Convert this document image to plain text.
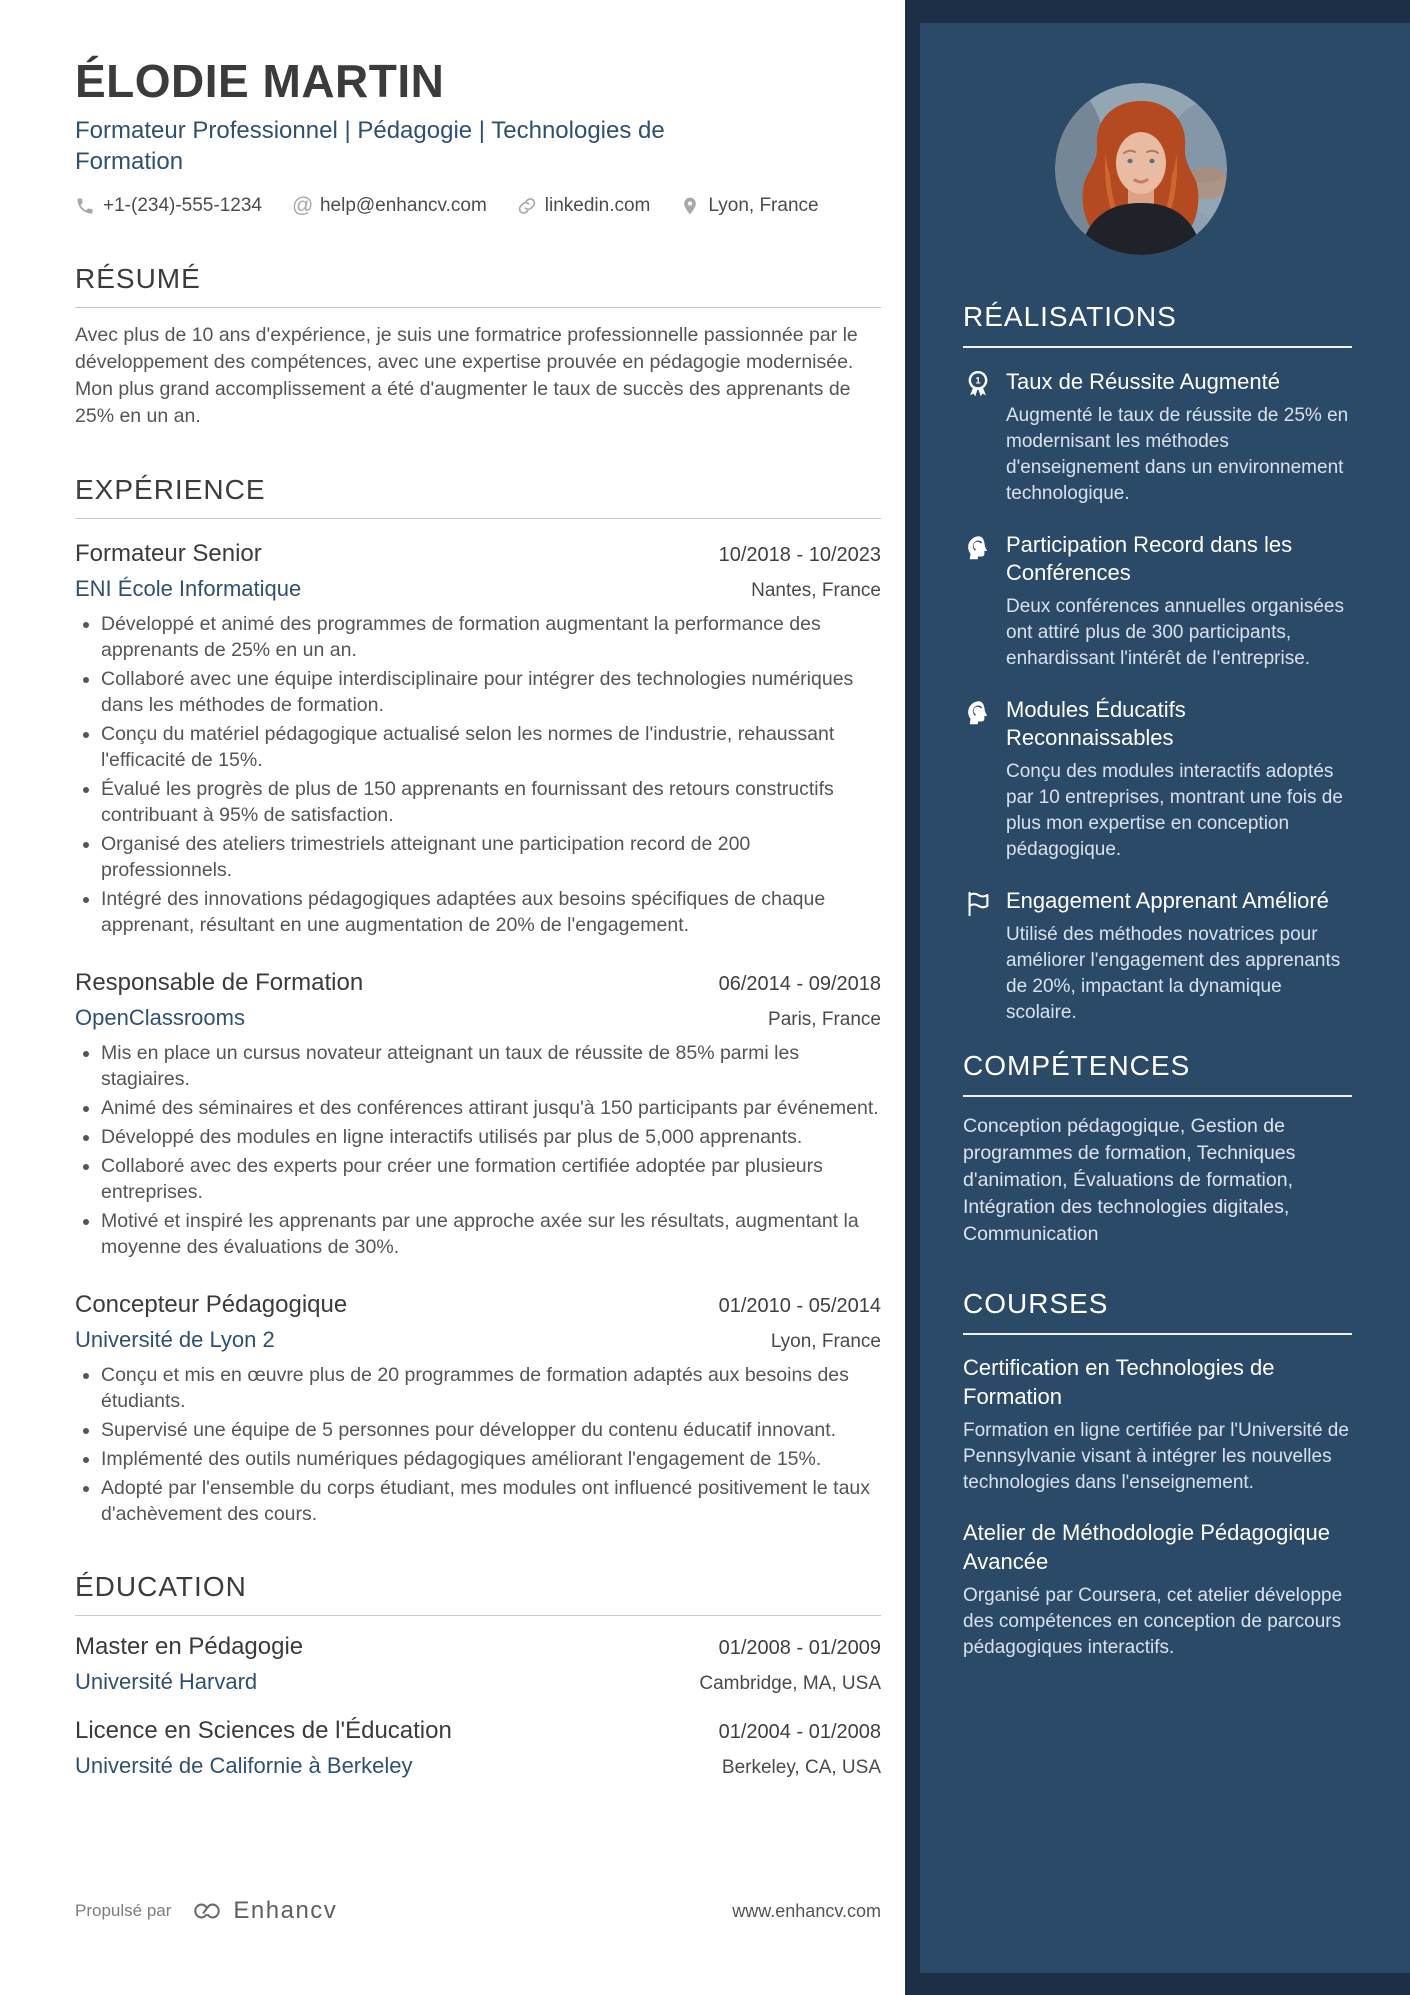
ÉLODIE MARTIN
Formateur Professionnel | Pédagogie | Technologies de Formation
+1-(234)-555-1234 @ help@enhancv.com	linkedin.com	Lyon, France
RÉSUMÉ

Avec plus de 10 ans d'expérience, je suis une formatrice professionnelle passionnée par le développement des compétences, avec une expertise prouvée en pédagogie modernisée. Mon plus grand accomplissement a été d'augmenter le taux de succès des apprenants de 25% en un an.

EXPÉRIENCE
Formateur Senior	10/2018 - 10/2023
ENI École Informatique	Nantes, France
• Développé et animé des programmes de formation augmentant la performance des apprenants de 25% en un an.
• Collaboré avec une équipe interdisciplinaire pour intégrer des technologies numériques dans les méthodes de formation.
• Conçu du matériel pédagogique actualisé selon les normes de l'industrie, rehaussant l'efficacité de 15%.
• Évalué les progrès de plus de 150 apprenants en fournissant des retours constructifs contribuant à 95% de satisfaction.
• Organisé des ateliers trimestriels atteignant une participation record de 200 professionnels.
• Intégré des innovations pédagogiques adaptées aux besoins spécifiques de chaque apprenant, résultant en une augmentation de 20% de l'engagement.
Responsable de Formation	06/2014 - 09/2018
OpenClassrooms	Paris, France
• Mis en place un cursus novateur atteignant un taux de réussite de 85% parmi les stagiaires.
• Animé des séminaires et des conférences attirant jusqu'à 150 participants par événement.
• Développé des modules en ligne interactifs utilisés par plus de 5,000 apprenants.
• Collaboré avec des experts pour créer une formation certifiée adoptée par plusieurs entreprises.
• Motivé et inspiré les apprenants par une approche axée sur les résultats, augmentant la moyenne des évaluations de 30%.
Concepteur Pédagogique	01/2010 - 05/2014
Université de Lyon 2	Lyon, France
• Conçu et mis en œuvre plus de 20 programmes de formation adaptés aux besoins des étudiants.
• Supervisé une équipe de 5 personnes pour développer du contenu éducatif innovant.
• Implémenté des outils numériques pédagogiques améliorant l'engagement de 15%.
• Adopté par l'ensemble du corps étudiant, mes modules ont influencé positivement le taux d'achèvement des cours.
ÉDUCATION
Master en Pédagogie	01/2008 - 01/2009
Université Harvard	Cambridge, MA, USA
Licence en Sciences de l'Éducation	01/2004 - 01/2008
Université de Californie à Berkeley	Berkeley, CA, USA
Propulsé par	Enhancv	www.enhancv.com
RÉALISATIONS
1 Taux de Réussite Augmenté
Augmenté le taux de réussite de 25% en modernisant les méthodes d'enseignement dans un environnement technologique.
Participation Record dans les Conférences
Deux conférences annuelles organisées ont attiré plus de 300 participants, enhardissant l'intérêt de l'entreprise.
Modules Éducatifs Reconnaissables
Conçu des modules interactifs adoptés par 10 entreprises, montrant une fois de plus mon expertise en conception pédagogique.
Engagement Apprenant Amélioré
Utilisé des méthodes novatrices pour améliorer l'engagement des apprenants de 20%, impactant la dynamique scolaire.
COMPÉTENCES
Conception pédagogique, Gestion de programmes de formation, Techniques d'animation, Évaluations de formation, Intégration des technologies digitales, Communication
COURSES
Certification en Technologies de Formation
Formation en ligne certifiée par l'Université de Pennsylvanie visant à intégrer les nouvelles technologies dans l'enseignement.
Atelier de Méthodologie Pédagogique Avancée
Organisé par Coursera, cet atelier développe des compétences en conception de parcours pédagogiques interactifs.
